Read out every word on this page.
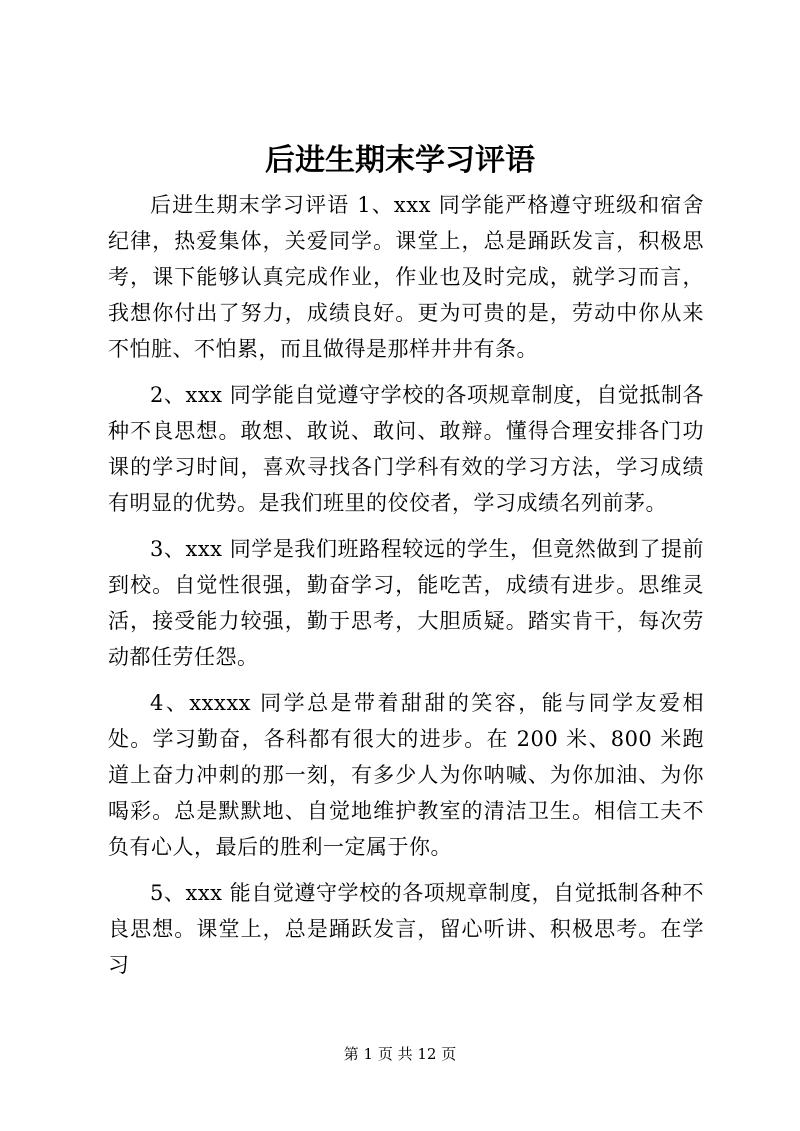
后进生期末学习评语

后进生期末学习评语 1、xxx 同学能严格遵守班级和宿舍纪律，热爱集体，关爱同学。课堂上，总是踊跃发言，积极思考，课下能够认真完成作业，作业也及时完成，就学习而言，我想你付出了努力，成绩良好。更为可贵的是，劳动中你从来不怕脏、不怕累，而且做得是那样井井有条。

2、xxx 同学能自觉遵守学校的各项规章制度，自觉抵制各种不良思想。敢想、敢说、敢问、敢辩。懂得合理安排各门功课的学习时间，喜欢寻找各门学科有效的学习方法，学习成绩有明显的优势。是我们班里的佼佼者，学习成绩名列前茅。

3、xxx 同学是我们班路程较远的学生，但竟然做到了提前到校。自觉性很强，勤奋学习，能吃苦，成绩有进步。思维灵活，接受能力较强，勤于思考，大胆质疑。踏实肯干，每次劳动都任劳任怨。

4、xxxxx 同学总是带着甜甜的笑容，能与同学友爱相处。学习勤奋，各科都有很大的进步。在 200 米、800 米跑道上奋力冲刺的那一刻，有多少人为你呐喊、为你加油、为你喝彩。总是默默地、自觉地维护教室的清洁卫生。相信工夫不负有心人，最后的胜利一定属于你。

5、xxx 能自觉遵守学校的各项规章制度，自觉抵制各种不良思想。课堂上，总是踊跃发言，留心听讲、积极思考。在学习

第 1 页 共 12 页
